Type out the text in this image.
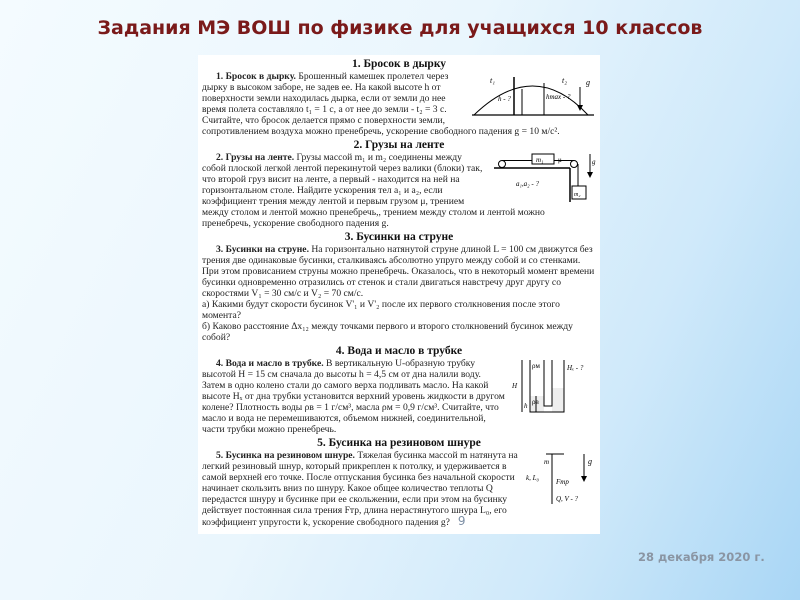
Задания МЭ ВОШ по физике для учащихся 10 классов
1. Бросок в дырку
t₁	t₂
h - ?	hmax - ?
g

1. Бросок в дырку. Брошенный камешек пролетел через дырку в высоком заборе, не задев ее. На какой высоте h от поверхности земли находилась дырка, если от земли до нее время полета составляло t₁ = 1 с, а от нее до земли - t₂ = 3 с. Считайте, что бросок делается прямо с поверхности земли, сопротивлением воздуха можно пренебречь, ускорение свободного падения g = 10 м/с².

2. Грузы на ленте
m₁ μ	g
a₁,a₂ - ?
m₂

2. Грузы на ленте. Грузы массой m₁ и m₂ соединены между собой плоской легкой лентой перекинутой через валики (блоки) так, что второй груз висит на ленте, а первый - находится на ней на горизонтальном столе. Найдите ускорения тел a₁ и a₂, если коэффициент трения между лентой и первым грузом μ, трением между столом и лентой можно пренебречь,, трением между столом и лентой можно пренебречь, ускорение свободного падения g.

3. Бусинки на струне

3. Бусинки на струне. На горизонтально натянутой струне длиной L = 100 см движутся без трения две одинаковые бусинки, сталкиваясь абсолютно упруго между собой и со стенками. При этом провисанием струны можно пренебречь. Оказалось, что в некоторый момент времени бусинки одновременно отразились от стенок и стали двигаться навстречу друг другу со скоростями V₁ = 30 см/с и V₂ = 70 см/с.

а) Какими будут скорости бусинок V'₁ и V'₂ после их первого столкновения после этого момента?

б) Каково расстояние Δx₁₂ между точками первого и второго столкновений бусинок между собой?

4. Вода и масло в трубке
ρм	Hₓ - ?
H
h ρв

4. Вода и масло в трубке. В вертикальную U-образную трубку высотой H = 15 см сначала до высоты h = 4,5 см от дна налили воду. Затем в одно колено стали до самого верха подливать масло. На какой высоте Hₓ от дна трубки установится верхний уровень жидкости в другом колене? Плотность воды ρв = 1 г/см³, масла ρм = 0,9 г/см³. Считайте, что масло и вода не перемешиваются, объемом нижней, соединительной, части трубки можно пренебречь.

5. Бусинка на резиновом шнуре
m	g
k, L₀ Fтр
Q, V - ?

5. Бусинка на резиновом шнуре. Тяжелая бусинка массой m натянута на легкий резиновый шнур, который прикреплен к потолку, и удерживается в самой верхней его точке. После отпускания бусинка без начальной скорости начинает скользить вниз по шнуру. Какое общее количество теплоты Q передастся шнуру и бусинке при ее скольжении, если при этом на бусинку действует постоянная сила трения Fтр, длина нерастянутого шнура L₀, его коэффициент упругости k, ускорение свободного падения g? 9

28 декабря 2020 г.
